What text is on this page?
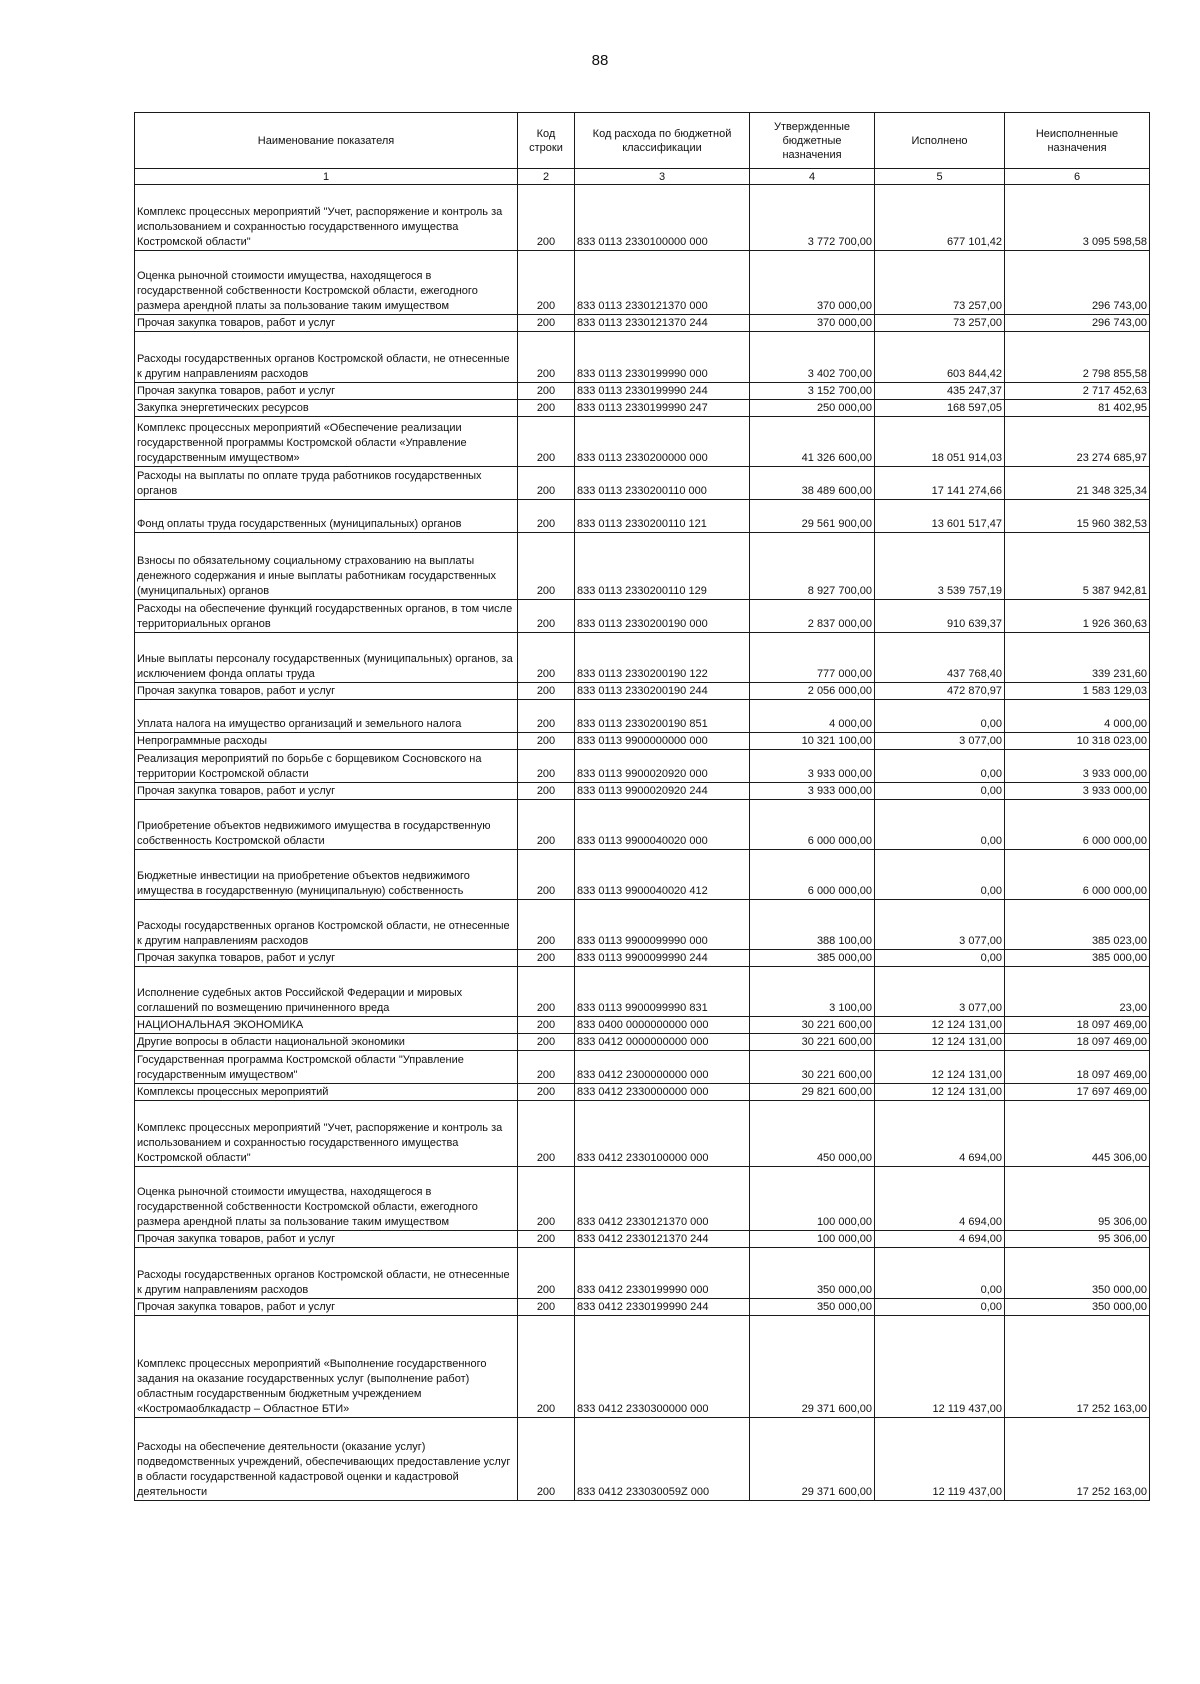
88
Наименование показателя	Код строки	Код расхода по бюджетной классификации	Утвержденные бюджетные назначения	Исполнено	Неисполненные назначения
1	2	3	4	5	6
Комплекс процессных мероприятий "Учет, распоряжение и контроль за использованием и сохранностью государственного имущества Костромской области"	200	833 0113 2330100000 000	3 772 700,00	677 101,42	3 095 598,58
Оценка рыночной стоимости имущества, находящегося в государственной собственности Костромской области, ежегодного размера арендной платы за пользование таким имуществом	200	833 0113 2330121370 000	370 000,00	73 257,00	296 743,00
Прочая закупка товаров, работ и услуг	200	833 0113 2330121370 244	370 000,00	73 257,00	296 743,00
Расходы государственных органов Костромской области, не отнесенные к другим направлениям расходов	200	833 0113 2330199990 000	3 402 700,00	603 844,42	2 798 855,58
Прочая закупка товаров, работ и услуг	200	833 0113 2330199990 244	3 152 700,00	435 247,37	2 717 452,63
Закупка энергетических ресурсов	200	833 0113 2330199990 247	250 000,00	168 597,05	81 402,95
Комплекс процессных мероприятий «Обеспечение реализации государственной программы Костромской области «Управление государственным имуществом»	200	833 0113 2330200000 000	41 326 600,00	18 051 914,03	23 274 685,97
Расходы на выплаты по оплате труда работников государственных органов	200	833 0113 2330200110 000	38 489 600,00	17 141 274,66	21 348 325,34
Фонд оплаты труда государственных (муниципальных) органов	200	833 0113 2330200110 121	29 561 900,00	13 601 517,47	15 960 382,53
Взносы по обязательному социальному страхованию на выплаты денежного содержания и иные выплаты работникам государственных (муниципальных) органов	200	833 0113 2330200110 129	8 927 700,00	3 539 757,19	5 387 942,81
Расходы на обеспечение функций государственных органов, в том числе территориальных органов	200	833 0113 2330200190 000	2 837 000,00	910 639,37	1 926 360,63
Иные выплаты персоналу государственных (муниципальных) органов, за исключением фонда оплаты труда	200	833 0113 2330200190 122	777 000,00	437 768,40	339 231,60
Прочая закупка товаров, работ и услуг	200	833 0113 2330200190 244	2 056 000,00	472 870,97	1 583 129,03
Уплата налога на имущество организаций и земельного налога	200	833 0113 2330200190 851	4 000,00	0,00	4 000,00
Непрограммные расходы	200	833 0113 9900000000 000	10 321 100,00	3 077,00	10 318 023,00
Реализация мероприятий по борьбе с борщевиком Сосновского на территории Костромской области	200	833 0113 9900020920 000	3 933 000,00	0,00	3 933 000,00
Прочая закупка товаров, работ и услуг	200	833 0113 9900020920 244	3 933 000,00	0,00	3 933 000,00
Приобретение объектов недвижимого имущества в государственную собственность Костромской области	200	833 0113 9900040020 000	6 000 000,00	0,00	6 000 000,00
Бюджетные инвестиции на приобретение объектов недвижимого имущества в государственную (муниципальную) собственность	200	833 0113 9900040020 412	6 000 000,00	0,00	6 000 000,00
Расходы государственных органов Костромской области, не отнесенные к другим направлениям расходов	200	833 0113 9900099990 000	388 100,00	3 077,00	385 023,00
Прочая закупка товаров, работ и услуг	200	833 0113 9900099990 244	385 000,00	0,00	385 000,00
Исполнение судебных актов Российской Федерации и мировых соглашений по возмещению причиненного вреда	200	833 0113 9900099990 831	3 100,00	3 077,00	23,00
НАЦИОНАЛЬНАЯ ЭКОНОМИКА	200	833 0400 0000000000 000	30 221 600,00	12 124 131,00	18 097 469,00
Другие вопросы в области национальной экономики	200	833 0412 0000000000 000	30 221 600,00	12 124 131,00	18 097 469,00
Государственная программа Костромской области "Управление государственным имуществом"	200	833 0412 2300000000 000	30 221 600,00	12 124 131,00	18 097 469,00
Комплексы процессных мероприятий	200	833 0412 2330000000 000	29 821 600,00	12 124 131,00	17 697 469,00
Комплекс процессных мероприятий "Учет, распоряжение и контроль за использованием и сохранностью государственного имущества Костромской области"	200	833 0412 2330100000 000	450 000,00	4 694,00	445 306,00
Оценка рыночной стоимости имущества, находящегося в государственной собственности Костромской области, ежегодного размера арендной платы за пользование таким имуществом	200	833 0412 2330121370 000	100 000,00	4 694,00	95 306,00
Прочая закупка товаров, работ и услуг	200	833 0412 2330121370 244	100 000,00	4 694,00	95 306,00
Расходы государственных органов Костромской области, не отнесенные к другим направлениям расходов	200	833 0412 2330199990 000	350 000,00	0,00	350 000,00
Прочая закупка товаров, работ и услуг	200	833 0412 2330199990 244	350 000,00	0,00	350 000,00
Комплекс процессных мероприятий «Выполнение государственного задания на оказание государственных услуг (выполнение работ) областным государственным бюджетным учреждением «Костромаоблкадастр – Областное БТИ»	200	833 0412 2330300000 000	29 371 600,00	12 119 437,00	17 252 163,00
Расходы на обеспечение деятельности (оказание услуг) подведомственных учреждений, обеспечивающих предоставление услуг в области государственной кадастровой оценки и кадастровой деятельности	200	833 0412 233030059Z 000	29 371 600,00	12 119 437,00	17 252 163,00
